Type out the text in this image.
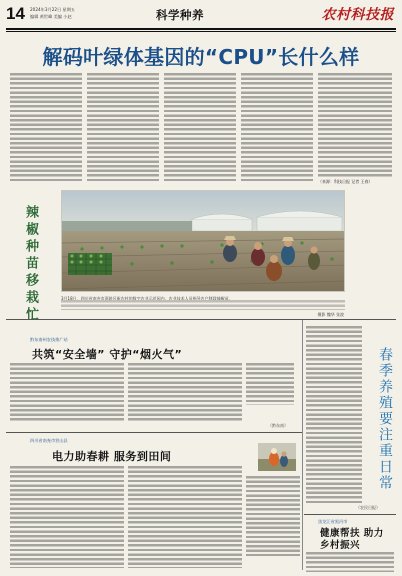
14 2024年3月22日 星期五
编辑 黄世峰 美编 小赵	科学种养	农村科技报
解码叶绿体基因的“CPU”长什么样
（来源：科技日报 记者 王春）
辣椒种苗移栽忙	3月18日，四川省南充市嘉陵区新农村的数字农业示范园内，农业技术人员指导农户移栽辣椒苗。
摄影 魏华 张波
黔东南州农技推广站
共筑“安全墙” 守护“烟火气”
（黔东南）
四川省南充市营山县
电力助春耕 服务到田间	春季养殖要注重日常
（农民日报）
黑龙江省黑河市
健康帮扶 助力乡村振兴
